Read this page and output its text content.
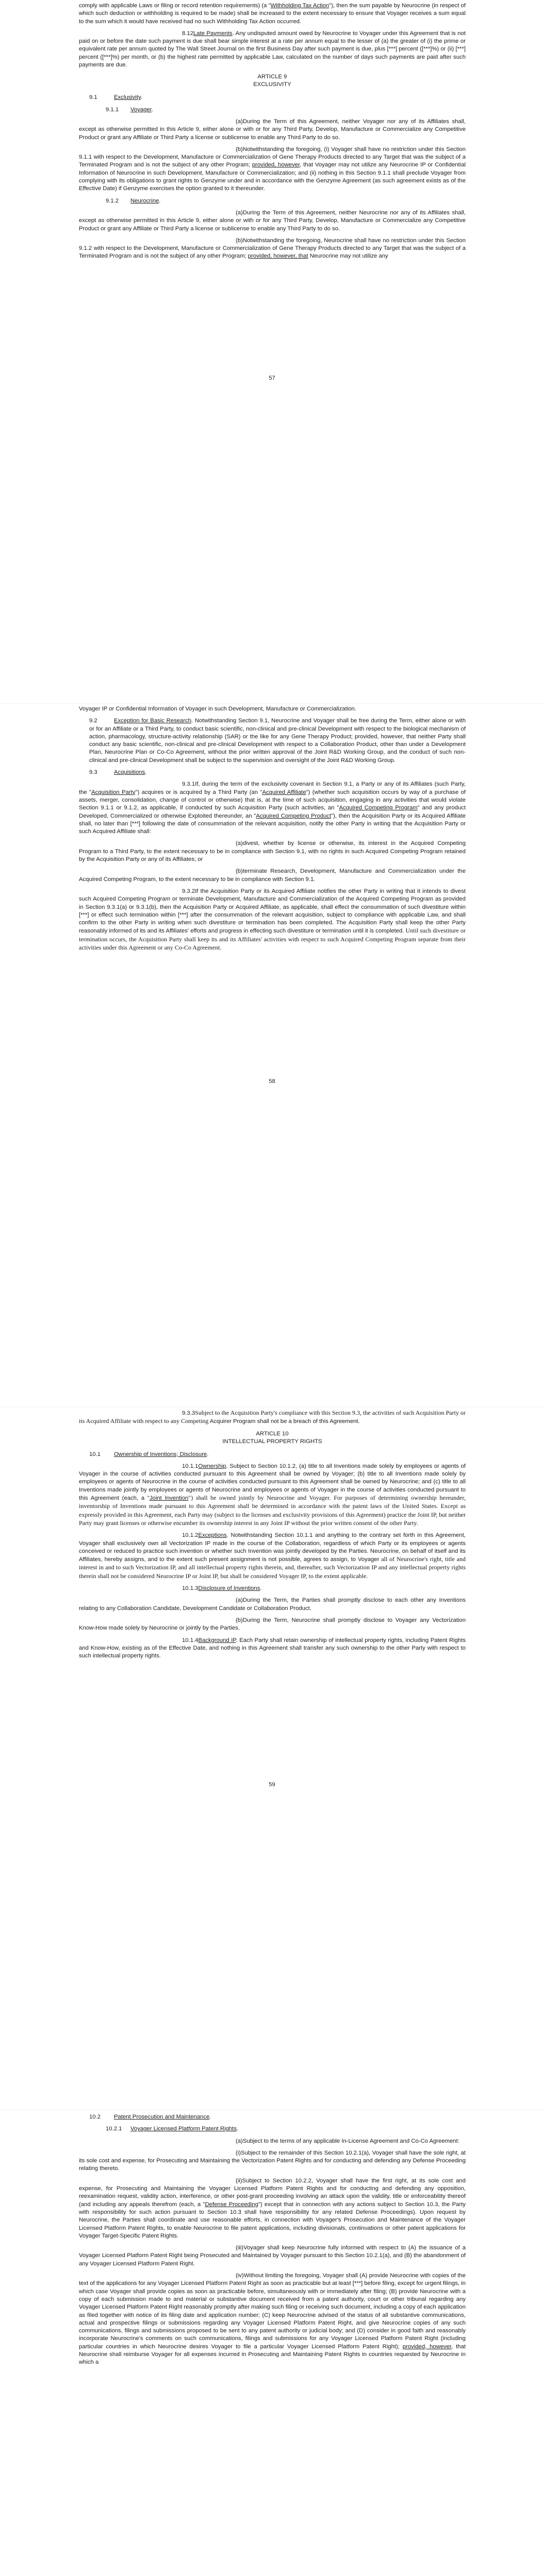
comply with applicable Laws or filing or record retention requirements) (a "Withholding Tax Action"), then the sum payable by Neurocrine (in respect of which such deduction or withholding is required to be made) shall be increased to the extent necessary to ensure that Voyager receives a sum equal to the sum which it would have received had no such Withholding Tax Action occurred.

8.12Late Payments. Any undisputed amount owed by Neurocrine to Voyager under this Agreement that is not paid on or before the date such payment is due shall bear simple interest at a rate per annum equal to the lesser of (a) the greater of (i) the prime or equivalent rate per annum quoted by The Wall Street Journal on the first Business Day after such payment is due, plus [***] percent ([***]%) or (ii) [***] percent ([***]%) per month, or (b) the highest rate permitted by applicable Law, calculated on the number of days such payments are paid after such payments are due.

ARTICLE 9
EXCLUSIVITY

9.1	Exclusivity.

9.1.1 Voyager.

(a)During the Term of this Agreement, neither Voyager nor any of its Affiliates shall, except as otherwise permitted in this Article 9, either alone or with or for any Third Party, Develop, Manufacture or Commercialize any Competitive Product or grant any Affiliate or Third Party a license or sublicense to enable any Third Party to do so.

(b)Notwithstanding the foregoing, (i) Voyager shall have no restriction under this Section 9.1.1 with respect to the Development, Manufacture or Commercialization of Gene Therapy Products directed to any Target that was the subject of a Terminated Program and is not the subject of any other Program; provided, however, that Voyager may not utilize any Neurocrine IP or Confidential Information of Neurocrine in such Development, Manufacture or Commercialization; and (ii) nothing in this Section 9.1.1 shall preclude Voyager from complying with its obligations to grant rights to Genzyme under and in accordance with the Genzyme Agreement (as such agreement exists as of the Effective Date) if Genzyme exercises the option granted to it thereunder.

9.1.2 Neurocrine.

(a)During the Term of this Agreement, neither Neurocrine nor any of its Affiliates shall, except as otherwise permitted in this Article 9, either alone or with or for any Third Party, Develop, Manufacture or Commercialize any Competitive Product or grant any Affiliate or Third Party a license or sublicense to enable any Third Party to do so.

(b)Notwithstanding the foregoing, Neurocrine shall have no restriction under this Section 9.1.2 with respect to the Development, Manufacture or Commercialization of Gene Therapy Products directed to any Target that was the subject of a Terminated Program and is not the subject of any other Program; provided, however, that Neurocrine may not utilize any

57

Voyager IP or Confidential Information of Voyager in such Development, Manufacture or Commercialization.

9.2	Exception for Basic Research. Notwithstanding Section 9.1, Neurocrine and Voyager shall be free during the Term, either alone or with or for an Affiliate or a Third Party, to conduct basic scientific, non-clinical and pre-clinical Development with respect to the biological mechanism of action, pharmacology, structure-activity relationship (SAR) or the like for any Gene Therapy Product; provided, however, that neither Party shall conduct any basic scientific, non-clinical and pre-clinical Development with respect to a Collaboration Product, other than under a Development Plan, Neurocrine Plan or Co-Co Agreement, without the prior written approval of the Joint R&D Working Group, and the conduct of such non-clinical and pre-clinical Development shall be subject to the supervision and oversight of the Joint R&D Working Group.

9.3	Acquisitions.

9.3.1If, during the term of the exclusivity covenant in Section 9.1, a Party or any of its Affiliates (such Party, the "Acquisition Party") acquires or is acquired by a Third Party (an "Acquired Affiliate") (whether such acquisition occurs by way of a purchase of assets, merger, consolidation, change of control or otherwise) that is, at the time of such acquisition, engaging in any activities that would violate Section 9.1.1 or 9.1.2, as applicable, if conducted by such Acquisition Party (such activities, an "Acquired Competing Program" and any product Developed, Commercialized or otherwise Exploited thereunder, an "Acquired Competing Product"), then the Acquisition Party or its Acquired Affiliate shall, no later than [***] following the date of consummation of the relevant acquisition, notify the other Party in writing that the Acquisition Party or such Acquired Affiliate shall:

(a)divest, whether by license or otherwise, its interest in the Acquired Competing Program to a Third Party, to the extent necessary to be in compliance with Section 9.1, with no rights in such Acquired Competing Program retained by the Acquisition Party or any of its Affiliates; or

(b)terminate Research, Development, Manufacture and Commercialization under the Acquired Competing Program, to the extent necessary to be in compliance with Section 9.1.

9.3.2If the Acquisition Party or its Acquired Affiliate notifies the other Party in writing that it intends to divest such Acquired Competing Program or terminate Development, Manufacture and Commercialization of the Acquired Competing Program as provided in Section 9.3.1(a) or 9.3.1(b), then the Acquisition Party or Acquired Affiliate, as applicable, shall effect the consummation of such divestiture within [***] or effect such termination within [***] after the consummation of the relevant acquisition, subject to compliance with applicable Law, and shall confirm to the other Party in writing when such divestiture or termination has been completed. The Acquisition Party shall keep the other Party reasonably informed of its and its Affiliates' efforts and progress in effecting such divestiture or termination until it is completed. Until such divestiture or termination occurs, the Acquisition Party shall keep its and its Affiliates' activities with respect to such Acquired Competing Program separate from their activities under this Agreement or any Co-Co Agreement.

58

9.3.3Subject to the Acquisition Party's compliance with this Section 9.3, the activities of such Acquisition Party or its Acquired Affiliate with respect to any Competing Acquirer Program shall not be a breach of this Agreement.

ARTICLE 10
INTELLECTUAL PROPERTY RIGHTS

10.1 Ownership of Inventions; Disclosure.

10.1.1Ownership. Subject to Section 10.1.2, (a) title to all Inventions made solely by employees or agents of Voyager in the course of activities conducted pursuant to this Agreement shall be owned by Voyager; (b) title to all Inventions made solely by employees or agents of Neurocrine in the course of activities conducted pursuant to this Agreement shall be owned by Neurocrine; and (c) title to all Inventions made jointly by employees or agents of Neurocrine and employees or agents of Voyager in the course of activities conducted pursuant to this Agreement (each, a "Joint Invention") shall be owned jointly by Neurocrine and Voyager. For purposes of determining ownership hereunder, inventorship of Inventions made pursuant to this Agreement shall be determined in accordance with the patent laws of the United States. Except as expressly provided in this Agreement, each Party may (subject to the licenses and exclusivity provisions of this Agreement) practice the Joint IP, but neither Party may grant licenses or otherwise encumber its ownership interest in any Joint IP without the prior written consent of the other Party.

10.1.2Exceptions. Notwithstanding Section 10.1.1 and anything to the contrary set forth in this Agreement, Voyager shall exclusively own all Vectorization IP made in the course of the Collaboration, regardless of which Party or its employees or agents conceived or reduced to practice such invention or whether such Invention was jointly developed by the Parties. Neurocrine, on behalf of itself and its Affiliates, hereby assigns, and to the extent such present assignment is not possible, agrees to assign, to Voyager all of Neurocrine's right, title and interest in and to such Vectorization IP, and all intellectual property rights therein, and, thereafter, such Vectorization IP and any intellectual property rights therein shall not be considered Neurocrine IP or Joint IP, but shall be considered Voyager IP, to the extent applicable.

10.1.3Disclosure of Inventions.

(a)During the Term, the Parties shall promptly disclose to each other any Inventions relating to any Collaboration Candidate, Development Candidate or Collaboration Product.

(b)During the Term, Neurocrine shall promptly disclose to Voyager any Vectorization Know-How made solely by Neurocrine or jointly by the Parties.

10.1.4Background IP. Each Party shall retain ownership of intellectual property rights, including Patent Rights and Know-How, existing as of the Effective Date, and nothing in this Agreement shall transfer any such ownership to the other Party with respect to such intellectual property rights.

59

10.2 Patent Prosecution and Maintenance.

10.2.1 Voyager Licensed Platform Patent Rights.

(a)Subject to the terms of any applicable In-License Agreement and Co-Co Agreement:

(i)Subject to the remainder of this Section 10.2.1(a), Voyager shall have the sole right, at its sole cost and expense, for Prosecuting and Maintaining the Vectorization Patent Rights and for conducting and defending any Defense Proceeding relating thereto.

(ii)Subject to Section 10.2.2, Voyager shall have the first right, at its sole cost and expense, for Prosecuting and Maintaining the Voyager Licensed Platform Patent Rights and for conducting and defending any opposition, reexamination request, validity action, interference, or other post-grant proceeding involving an attack upon the validity, title or enforceability thereof (and including any appeals therefrom (each, a "Defense Proceeding") except that in connection with any actions subject to Section 10.3, the Party with responsibility for such action pursuant to Section 10.3 shall have responsibility for any related Defense Proceedings). Upon request by Neurocrine, the Parties shall coordinate and use reasonable efforts, in connection with Voyager's Prosecution and Maintenance of the Voyager Licensed Platform Patent Rights, to enable Neurocrine to file patent applications, including divisionals, continuations or other patent applications for Voyager Target-Specific Patent Rights.

(iii)Voyager shall keep Neurocrine fully informed with respect to (A) the issuance of a Voyager Licensed Platform Patent Right being Prosecuted and Maintained by Voyager pursuant to this Section 10.2.1(a), and (B) the abandonment of any Voyager Licensed Platform Patent Right.

(iv)Without limiting the foregoing, Voyager shall (A) provide Neurocrine with copies of the text of the applications for any Voyager Licensed Platform Patent Right as soon as practicable but at least [***] before filing, except for urgent filings, in which case Voyager shall provide copies as soon as practicable before, simultaneously with or immediately after filing; (B) provide Neurocrine with a copy of each submission made to and material or substantive document received from a patent authority, court or other tribunal regarding any Voyager Licensed Platform Patent Right reasonably promptly after making such filing or receiving such document, including a copy of each application as filed together with notice of its filing date and application number; (C) keep Neurocrine advised of the status of all substantive communications, actual and prospective filings or submissions regarding any Voyager Licensed Platform Patent Right, and give Neurocrine copies of any such communications, filings and submissions proposed to be sent to any patent authority or judicial body; and (D) consider in good faith and reasonably incorporate Neurocrine's comments on such communications, filings and submissions for any Voyager Licensed Platform Patent Right (including particular countries in which Neurocrine desires Voyager to file a particular Voyager Licensed Platform Patent Right); provided, however, that Neurocrine shall reimburse Voyager for all expenses incurred in Prosecuting and Maintaining Patent Rights in countries requested by Neurocrine in which a
